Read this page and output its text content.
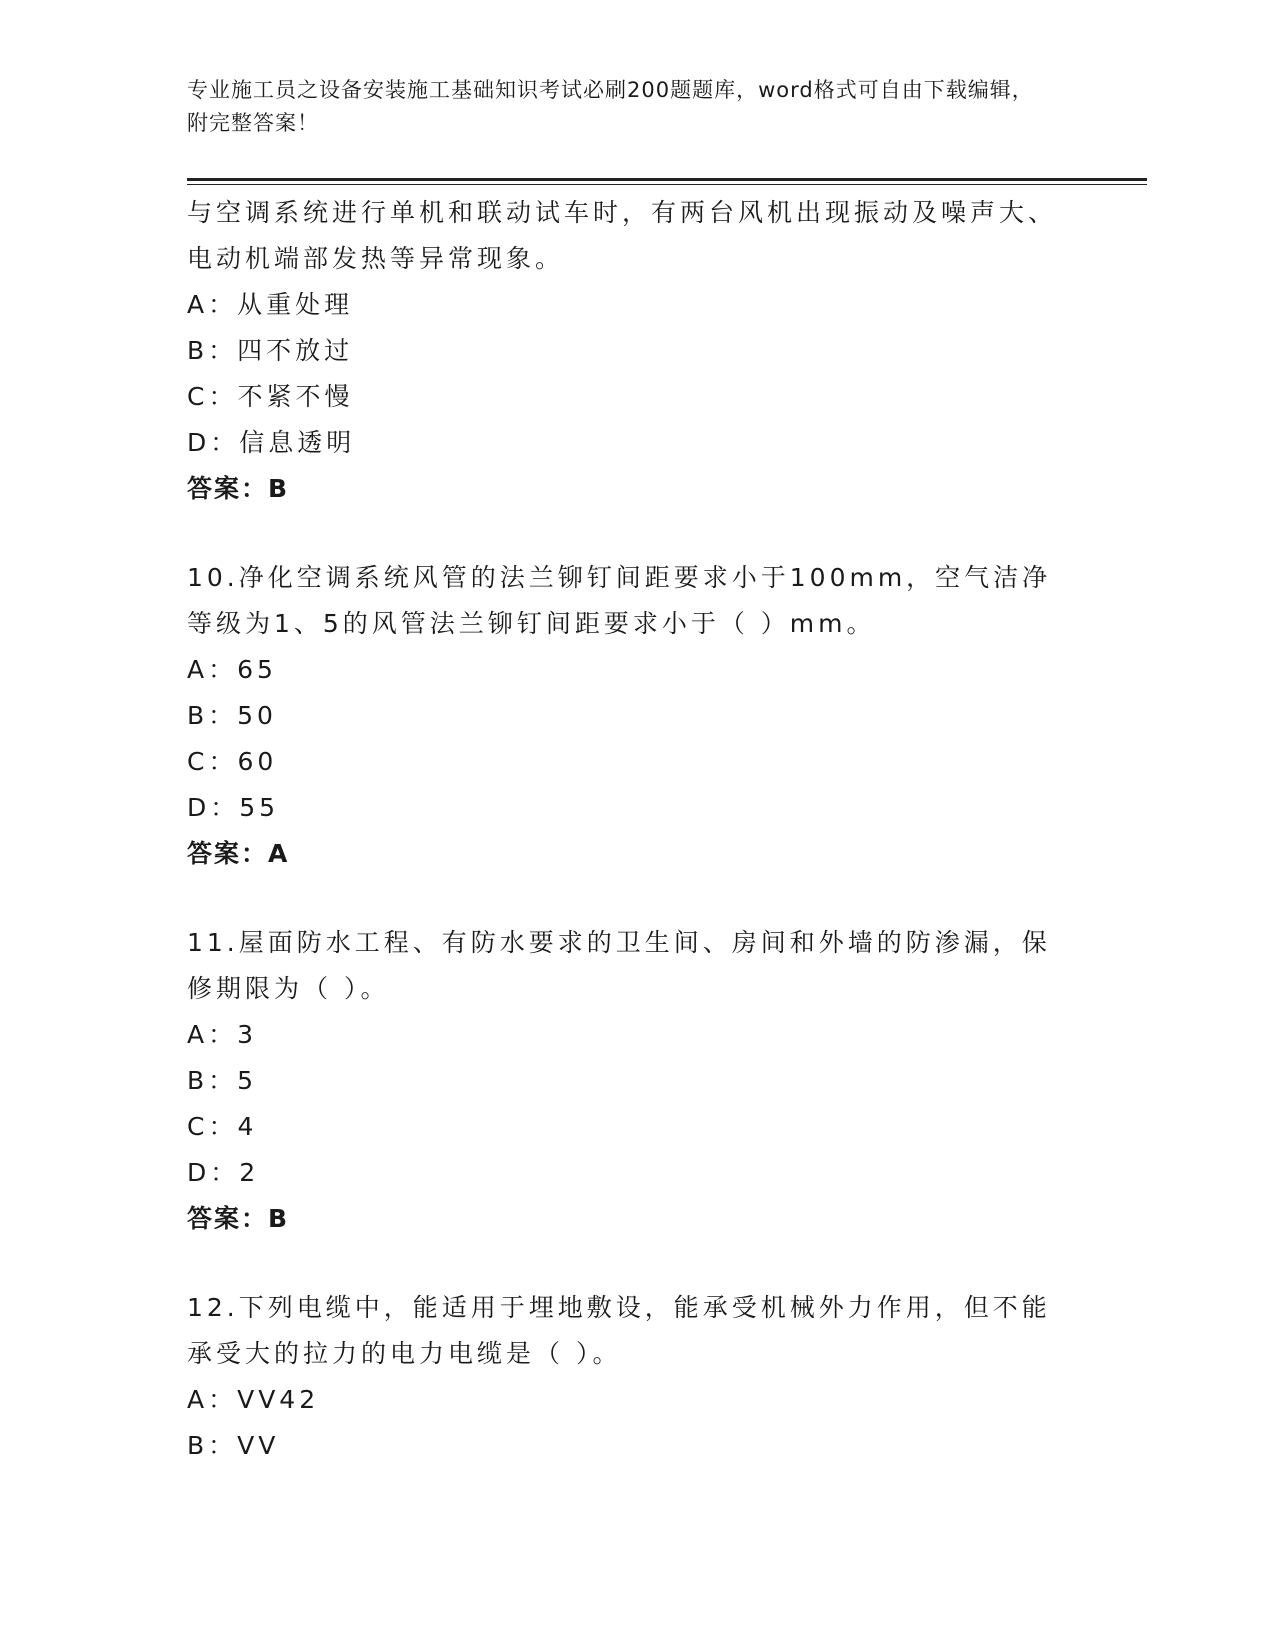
专业施工员之设备安装施工基础知识考试必刷200题题库，word格式可自由下载编辑，附完整答案！
与空调系统进行单机和联动试车时，有两台风机出现振动及噪声大、电动机端部发热等异常现象。
A：从重处理
B：四不放过
C：不紧不慢
D：信息透明
答案：B
10.净化空调系统风管的法兰铆钉间距要求小于100mm，空气洁净等级为1、5的风管法兰铆钉间距要求小于（ ）mm。
A：65
B：50
C：60
D：55
答案：A
11.屋面防水工程、有防水要求的卫生间、房间和外墙的防渗漏，保修期限为（ ）。
A：3
B：5
C：4
D：2
答案：B
12.下列电缆中，能适用于埋地敷设，能承受机械外力作用，但不能承受大的拉力的电力电缆是（ ）。
A：VV42
B：VV
